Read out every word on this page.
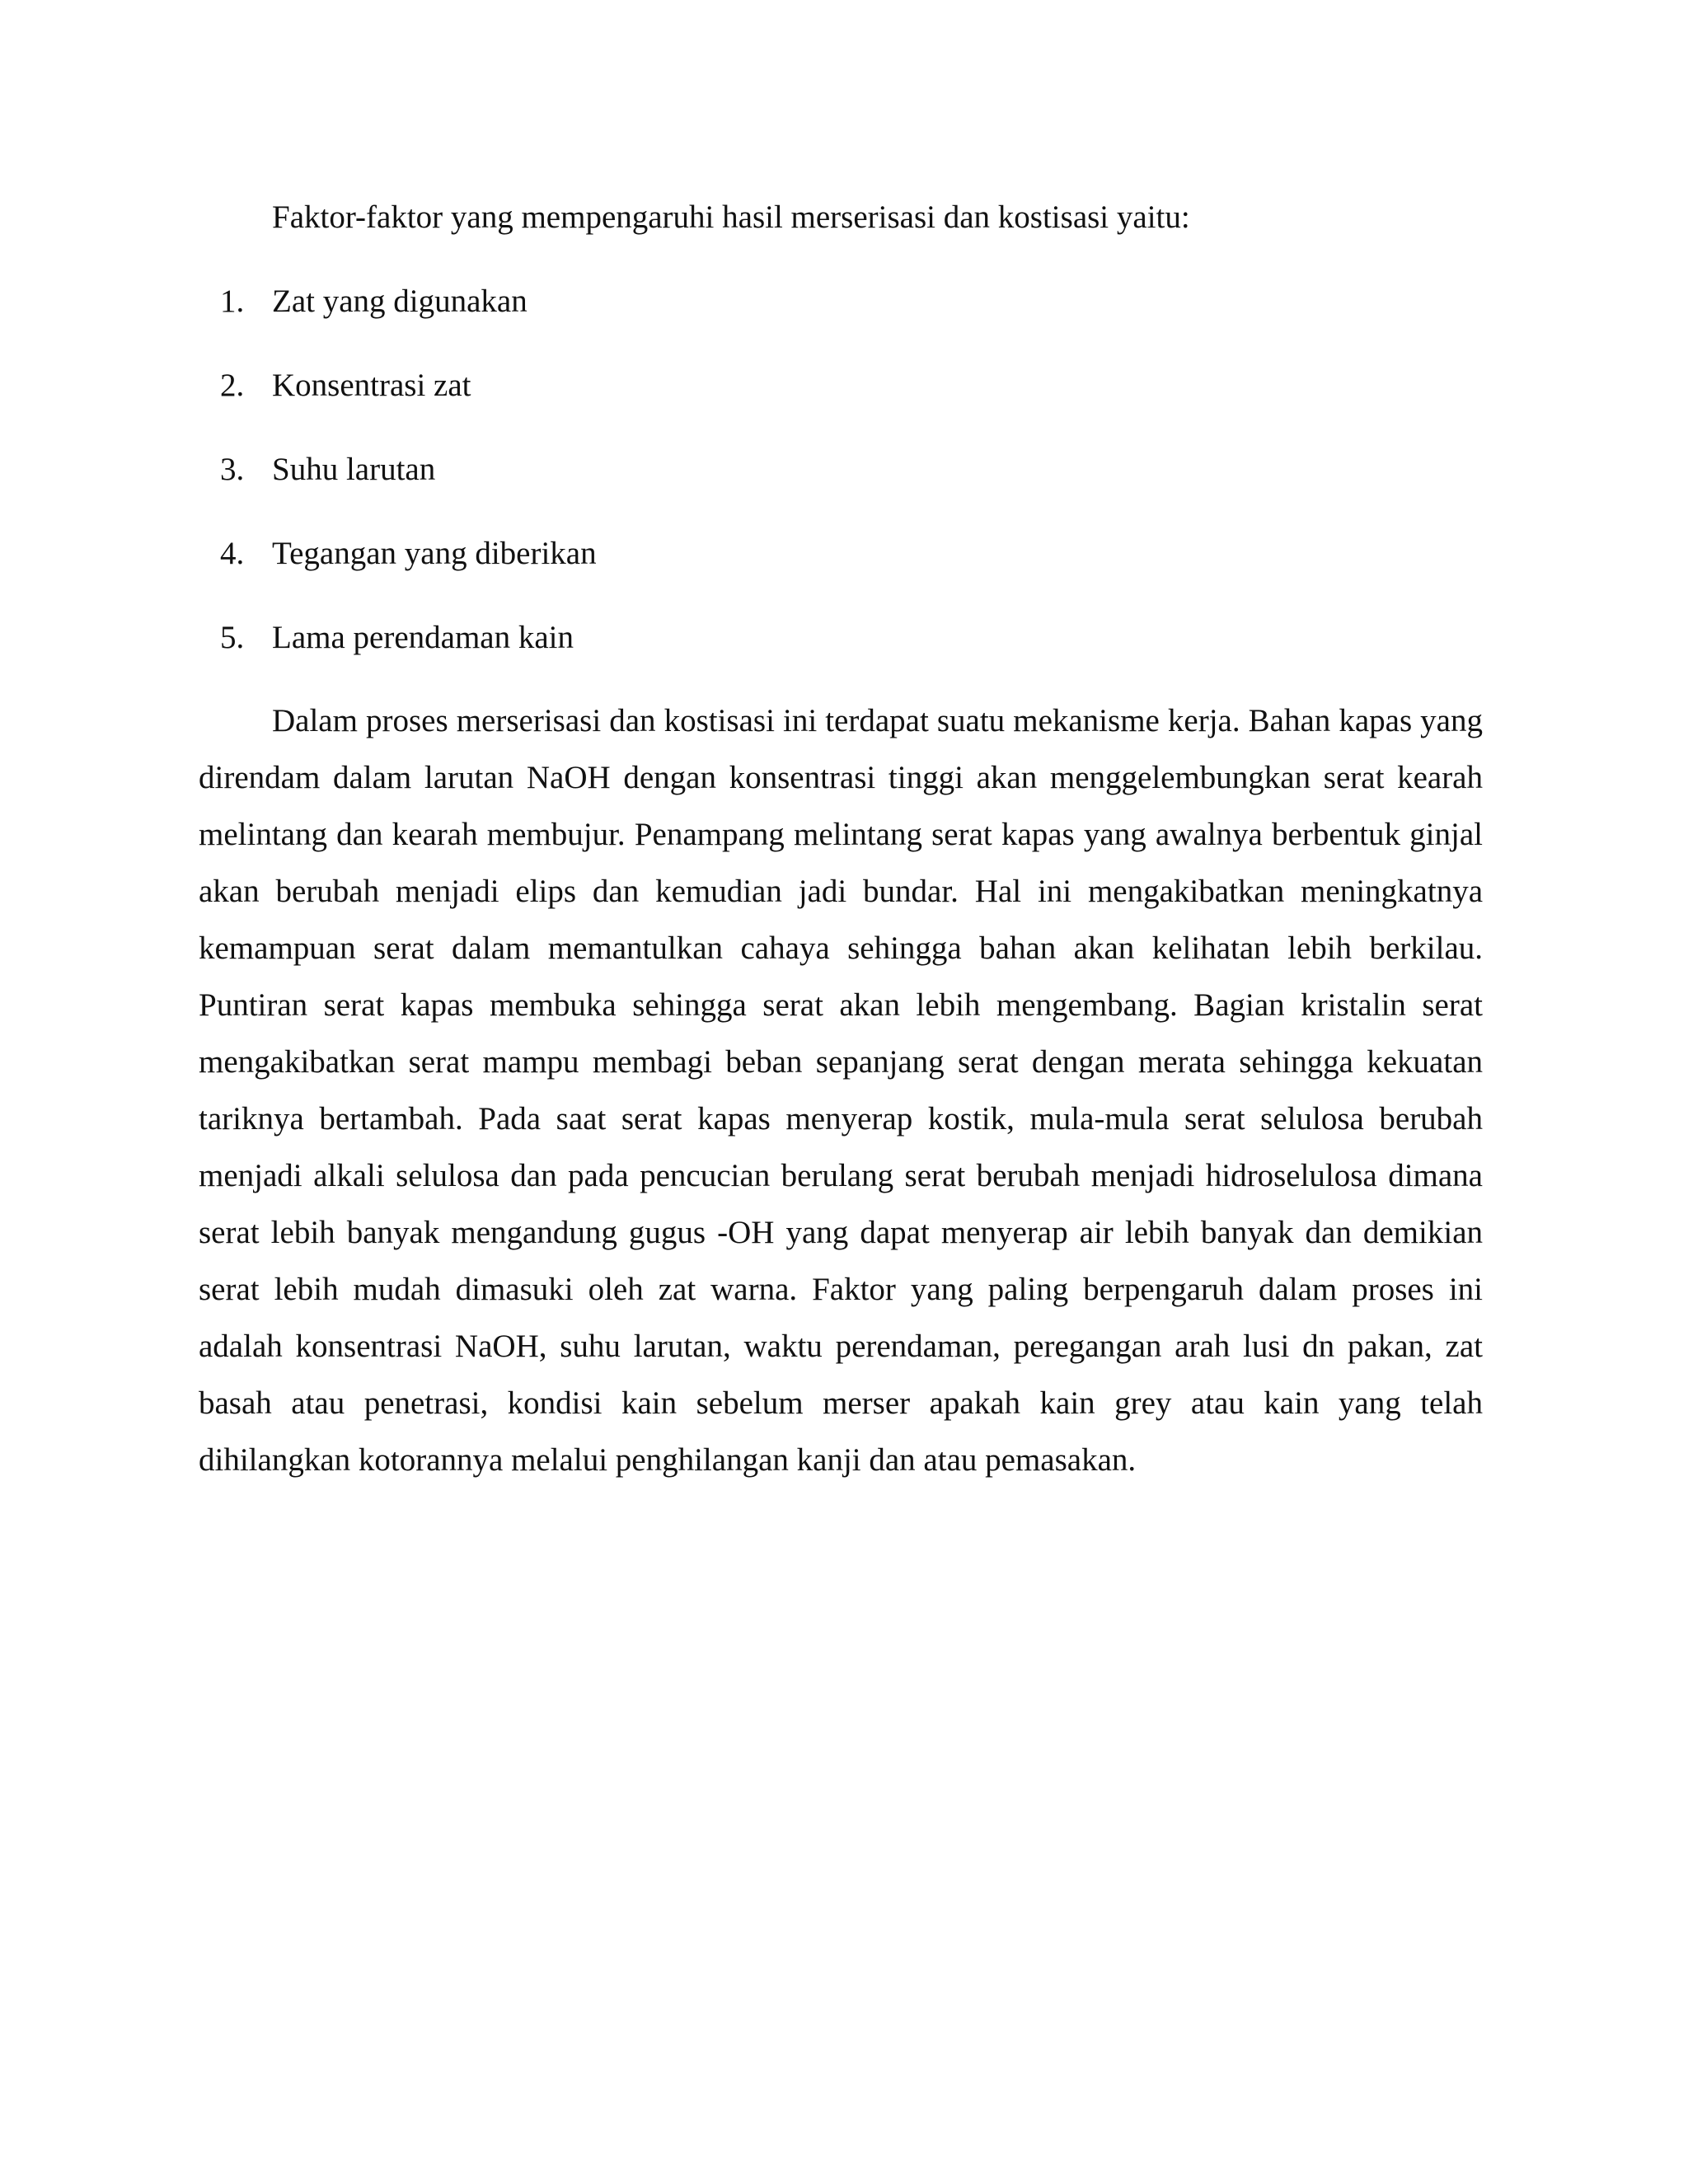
Faktor-faktor yang mempengaruhi hasil merserisasi dan kostisasi yaitu:

1. Zat yang digunakan
2. Konsentrasi zat
3. Suhu larutan
4. Tegangan yang diberikan
5. Lama perendaman kain

Dalam proses merserisasi dan kostisasi ini terdapat suatu mekanisme kerja. Bahan kapas yang direndam dalam larutan NaOH dengan konsentrasi tinggi akan menggelembungkan serat kearah melintang dan kearah membujur. Penampang melintang serat kapas yang awalnya berbentuk ginjal akan berubah menjadi elips dan kemudian jadi bundar. Hal ini mengakibatkan meningkatnya kemampuan serat dalam memantulkan cahaya sehingga bahan akan kelihatan lebih berkilau. Puntiran serat kapas membuka sehingga serat akan lebih mengembang. Bagian kristalin serat mengakibatkan serat mampu membagi beban sepanjang serat dengan merata sehingga kekuatan tariknya bertambah. Pada saat serat kapas menyerap kostik, mula-mula serat selulosa berubah menjadi alkali selulosa dan pada pencucian berulang serat berubah menjadi hidroselulosa dimana serat lebih banyak mengandung gugus -OH yang dapat menyerap air lebih banyak dan demikian serat lebih mudah dimasuki oleh zat warna. Faktor yang paling berpengaruh dalam proses ini adalah konsentrasi NaOH, suhu larutan, waktu perendaman, peregangan arah lusi dn pakan, zat basah atau penetrasi, kondisi kain sebelum merser apakah kain grey atau kain yang telah dihilangkan kotorannya melalui penghilangan kanji dan atau pemasakan.
